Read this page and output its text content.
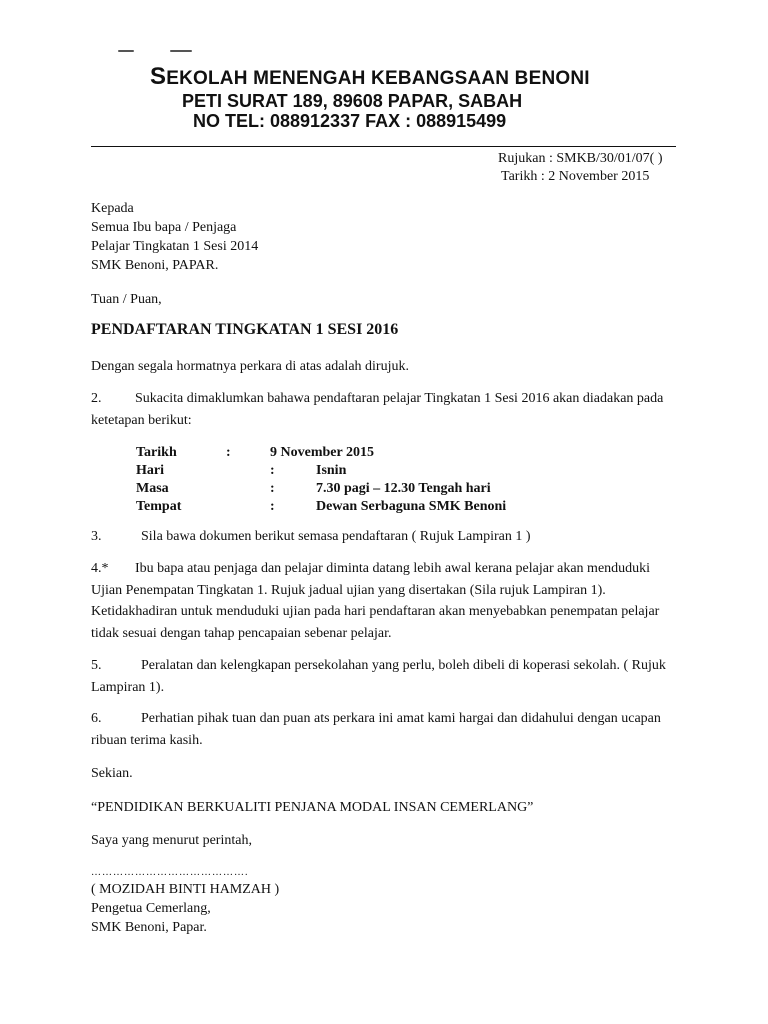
SEKOLAH MENENGAH KEBANGSAAN BENONI
PETI SURAT 189, 89608 PAPAR, SABAH
NO TEL: 088912337 FAX : 088915499
Rujukan : SMKB/30/01/07( )
Tarikh : 2 November 2015
Kepada
Semua Ibu bapa / Penjaga
Pelajar Tingkatan 1 Sesi 2014
SMK Benoni, PAPAR.
Tuan / Puan,
PENDAFTARAN TINGKATAN 1 SESI 2016
Dengan segala hormatnya perkara di atas adalah dirujuk.
2. Sukacita dimaklumkan bahawa pendaftaran pelajar Tingkatan 1 Sesi 2016 akan diadakan pada ketetapan berikut:
Tarikh	:	9 November 2015
Hari	:	Isnin
Masa	:	7.30 pagi – 12.30 Tengah hari
Tempat	:	Dewan Serbaguna SMK Benoni
3.	Sila bawa dokumen berikut semasa pendaftaran ( Rujuk Lampiran 1 )
4.* Ibu bapa atau penjaga dan pelajar diminta datang lebih awal kerana pelajar akan menduduki Ujian Penempatan Tingkatan 1. Rujuk jadual ujian yang disertakan (Sila rujuk Lampiran 1). Ketidakhadiran untuk menduduki ujian pada hari pendaftaran akan menyebabkan penempatan pelajar tidak sesuai dengan tahap pencapaian sebenar pelajar.
5.	Peralatan dan kelengkapan persekolahan yang perlu, boleh dibeli di koperasi sekolah. ( Rujuk Lampiran 1).
6.	Perhatian pihak tuan dan puan ats perkara ini amat kami hargai dan didahului dengan ucapan ribuan terima kasih.
Sekian.
“PENDIDIKAN BERKUALITI PENJANA MODAL INSAN CEMERLANG”
Saya yang menurut perintah,
…………………………………….
( MOZIDAH BINTI HAMZAH )
Pengetua Cemerlang,
SMK Benoni, Papar.
